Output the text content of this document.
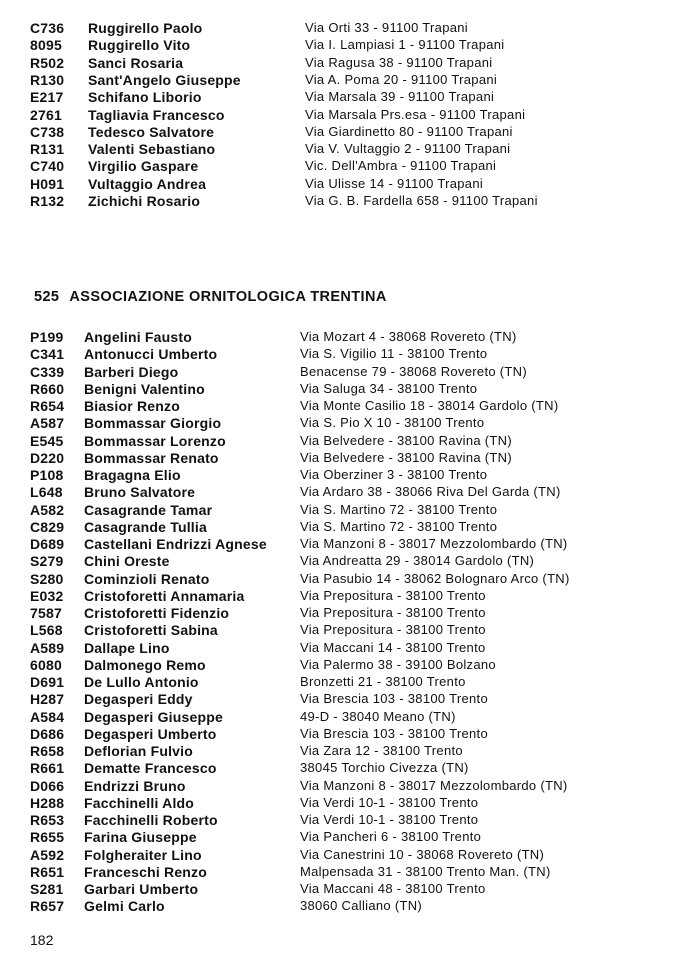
C736 Ruggirello Paolo	Via Orti 33 - 91100 Trapani
8095 Ruggirello Vito	Via I. Lampiasi 1 - 91100 Trapani
R502 Sanci Rosaria	Via Ragusa 38 - 91100 Trapani
R130 Sant'Angelo Giuseppe	Via A. Poma 20 - 91100 Trapani
E217 Schifano Liborio	Via Marsala 39 - 91100 Trapani
2761 Tagliavia Francesco	Via Marsala Prs.esa - 91100 Trapani
C738 Tedesco Salvatore	Via Giardinetto 80 - 91100 Trapani
R131 Valenti Sebastiano	Via V. Vultaggio 2 - 91100 Trapani
C740 Virgilio Gaspare	Vic. Dell'Ambra - 91100 Trapani
H091 Vultaggio Andrea	Via Ulisse 14 - 91100 Trapani
R132 Zichichi Rosario	Via G. B. Fardella 658 - 91100 Trapani
525 ASSOCIAZIONE ORNITOLOGICA TRENTINA
P199 Angelini Fausto	Via Mozart 4 - 38068 Rovereto (TN)
C341 Antonucci Umberto	Via S. Vigilio 11 - 38100 Trento
C339 Barberi Diego	Benacense 79 - 38068 Rovereto (TN)
R660 Benigni Valentino	Via Saluga 34 - 38100 Trento
R654 Biasior Renzo	Via Monte Casilio 18 - 38014 Gardolo (TN)
A587 Bommassar Giorgio	Via S. Pio X 10 - 38100 Trento
E545 Bommassar Lorenzo	Via Belvedere - 38100 Ravina (TN)
D220 Bommassar Renato	Via Belvedere - 38100 Ravina (TN)
P108 Bragagna Elio	Via Oberziner 3 - 38100 Trento
L648 Bruno Salvatore	Via Ardaro 38 - 38066 Riva Del Garda (TN)
A582 Casagrande Tamar	Via S. Martino 72 - 38100 Trento
C829 Casagrande Tullia	Via S. Martino 72 - 38100 Trento
D689 Castellani Endrizzi Agnese	Via Manzoni 8 - 38017 Mezzolombardo (TN)
S279 Chini Oreste	Via Andreatta 29 - 38014 Gardolo (TN)
S280 Cominzioli Renato	Via Pasubio 14 - 38062 Bolognaro Arco (TN)
E032 Cristoforetti Annamaria	Via Prepositura - 38100 Trento
7587 Cristoforetti Fidenzio	Via Prepositura - 38100 Trento
L568 Cristoforetti Sabina	Via Prepositura - 38100 Trento
A589 Dallape Lino	Via Maccani 14 - 38100 Trento
6080 Dalmonego Remo	Via Palermo 38 - 39100 Bolzano
D691 De Lullo Antonio	Bronzetti 21 - 38100 Trento
H287 Degasperi Eddy	Via Brescia 103 - 38100 Trento
A584 Degasperi Giuseppe	49-D - 38040 Meano (TN)
D686 Degasperi Umberto	Via Brescia 103 - 38100 Trento
R658 Deflorian Fulvio	Via Zara 12 - 38100 Trento
R661 Dematte Francesco	38045 Torchio Civezza (TN)
D066 Endrizzi Bruno	Via Manzoni 8 - 38017 Mezzolombardo (TN)
H288 Facchinelli Aldo	Via Verdi 10-1 - 38100 Trento
R653 Facchinelli Roberto	Via Verdi 10-1 - 38100 Trento
R655 Farina Giuseppe	Via Pancheri 6 - 38100 Trento
A592 Folgheraiter Lino	Via Canestrini 10 - 38068 Rovereto (TN)
R651 Franceschi Renzo	Malpensada 31 - 38100 Trento Man. (TN)
S281 Garbari Umberto	Via Maccani 48 - 38100 Trento
R657 Gelmi Carlo	38060 Calliano (TN)
182
